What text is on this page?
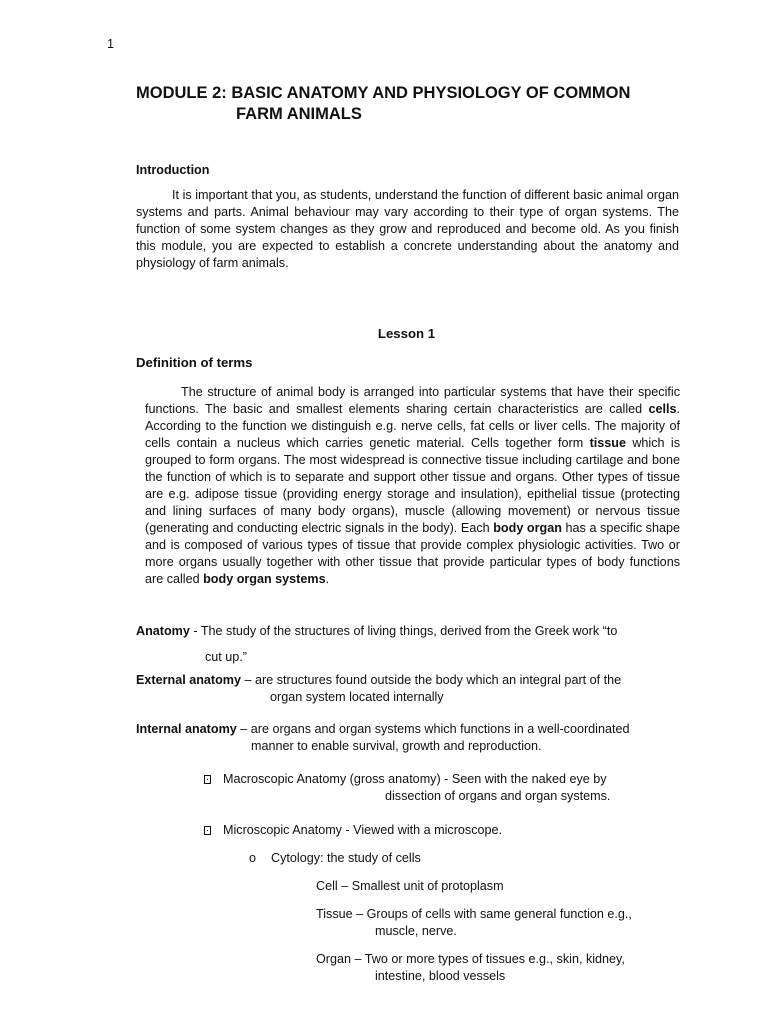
1
MODULE 2: BASIC ANATOMY AND PHYSIOLOGY OF COMMON
FARM ANIMALS
Introduction
It is important that you, as students, understand the function of different basic animal organ systems and parts. Animal behaviour may vary according to their type of organ systems. The function of some system changes as they grow and reproduced and become old. As you finish this module, you are expected to establish a concrete understanding about the anatomy and physiology of farm animals.
Lesson 1
Definition of terms
The structure of animal body is arranged into particular systems that have their specific functions. The basic and smallest elements sharing certain characteristics are called cells. According to the function we distinguish e.g. nerve cells, fat cells or liver cells. The majority of cells contain a nucleus which carries genetic material. Cells together form tissue which is grouped to form organs. The most widespread is connective tissue including cartilage and bone the function of which is to separate and support other tissue and organs. Other types of tissue are e.g. adipose tissue (providing energy storage and insulation), epithelial tissue (protecting and lining surfaces of many body organs), muscle (allowing movement) or nervous tissue (generating and conducting electric signals in the body). Each body organ has a specific shape and is composed of various types of tissue that provide complex physiologic activities. Two or more organs usually together with other tissue that provide particular types of body functions are called body organ systems.
Anatomy - The study of the structures of living things, derived from the Greek work “to
cut up.”
External anatomy – are structures found outside the body which an integral part of the
organ system located internally
Internal anatomy – are organs and organ systems which functions in a well-coordinated
manner to enable survival, growth and reproduction.
Macroscopic Anatomy (gross anatomy) - Seen with the naked eye by
dissection of organs and organ systems.
Microscopic Anatomy - Viewed with a microscope.
o Cytology: the study of cells
Cell – Smallest unit of protoplasm
Tissue – Groups of cells with same general function e.g.,
muscle, nerve.
Organ – Two or more types of tissues e.g., skin, kidney,
intestine, blood vessels
